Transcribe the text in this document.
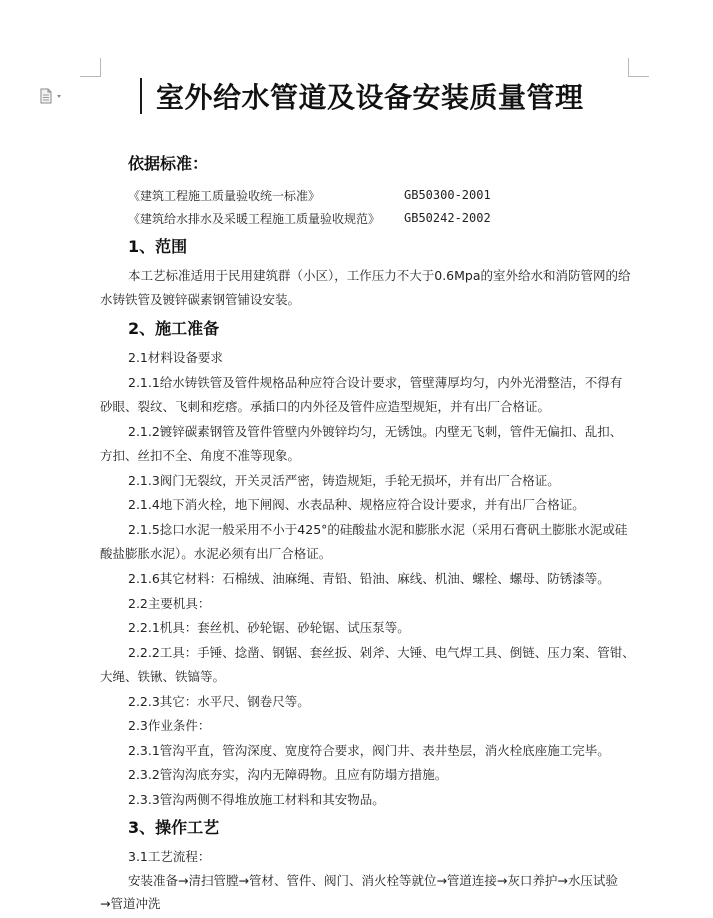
室外给水管道及设备安装质量管理
依据标准：
《建筑工程施工质量验收统一标准》	GB50300-2001
《建筑给水排水及采暖工程施工质量验收规范》 GB50242-2002
1、范围
本工艺标准适用于民用建筑群（小区），工作压力不大于0.6Mpa的室外给水和消防管网的给
水铸铁管及镀锌碳素钢管铺设安装。
2、施工准备
2.1材料设备要求
2.1.1给水铸铁管及管件规格品种应符合设计要求，管壁薄厚均匀，内外光滑整洁，不得有
砂眼、裂纹、飞刺和疙瘩。承插口的内外径及管件应造型规矩，并有出厂合格证。
2.1.2镀锌碳素钢管及管件管壁内外镀锌均匀，无锈蚀。内壁无飞刺，管件无偏扣、乱扣、
方扣、丝扣不全、角度不准等现象。
2.1.3阀门无裂纹，开关灵活严密，铸造规矩，手轮无损坏，并有出厂合格证。
2.1.4地下消火栓，地下闸阀、水表品种、规格应符合设计要求，并有出厂合格证。
2.1.5捻口水泥一般采用不小于425°的硅酸盐水泥和膨胀水泥（采用石膏矾土膨胀水泥或硅
酸盐膨胀水泥）。水泥必须有出厂合格证。
2.1.6其它材料：石棉绒、油麻绳、青铅、铅油、麻线、机油、螺栓、螺母、防锈漆等。
2.2主要机具：
2.2.1机具：套丝机、砂轮锯、砂轮锯、试压泵等。
2.2.2工具：手锤、捻凿、钢锯、套丝扳、剁斧、大锤、电气焊工具、倒链、压力案、管钳、
大绳、铁锹、铁镐等。
2.2.3其它：水平尺、钢卷尺等。
2.3作业条件：
2.3.1管沟平直，管沟深度、宽度符合要求，阀门井、表井垫层，消火栓底座施工完毕。
2.3.2管沟沟底夯实，沟内无障碍物。且应有防塌方措施。
2.3.3管沟两侧不得堆放施工材料和其安物品。
3、操作工艺
3.1工艺流程：
安装准备→清扫管膛→管材、管件、阀门、消火栓等就位→管道连接→灰口养护→水压试验
→管道冲洗
